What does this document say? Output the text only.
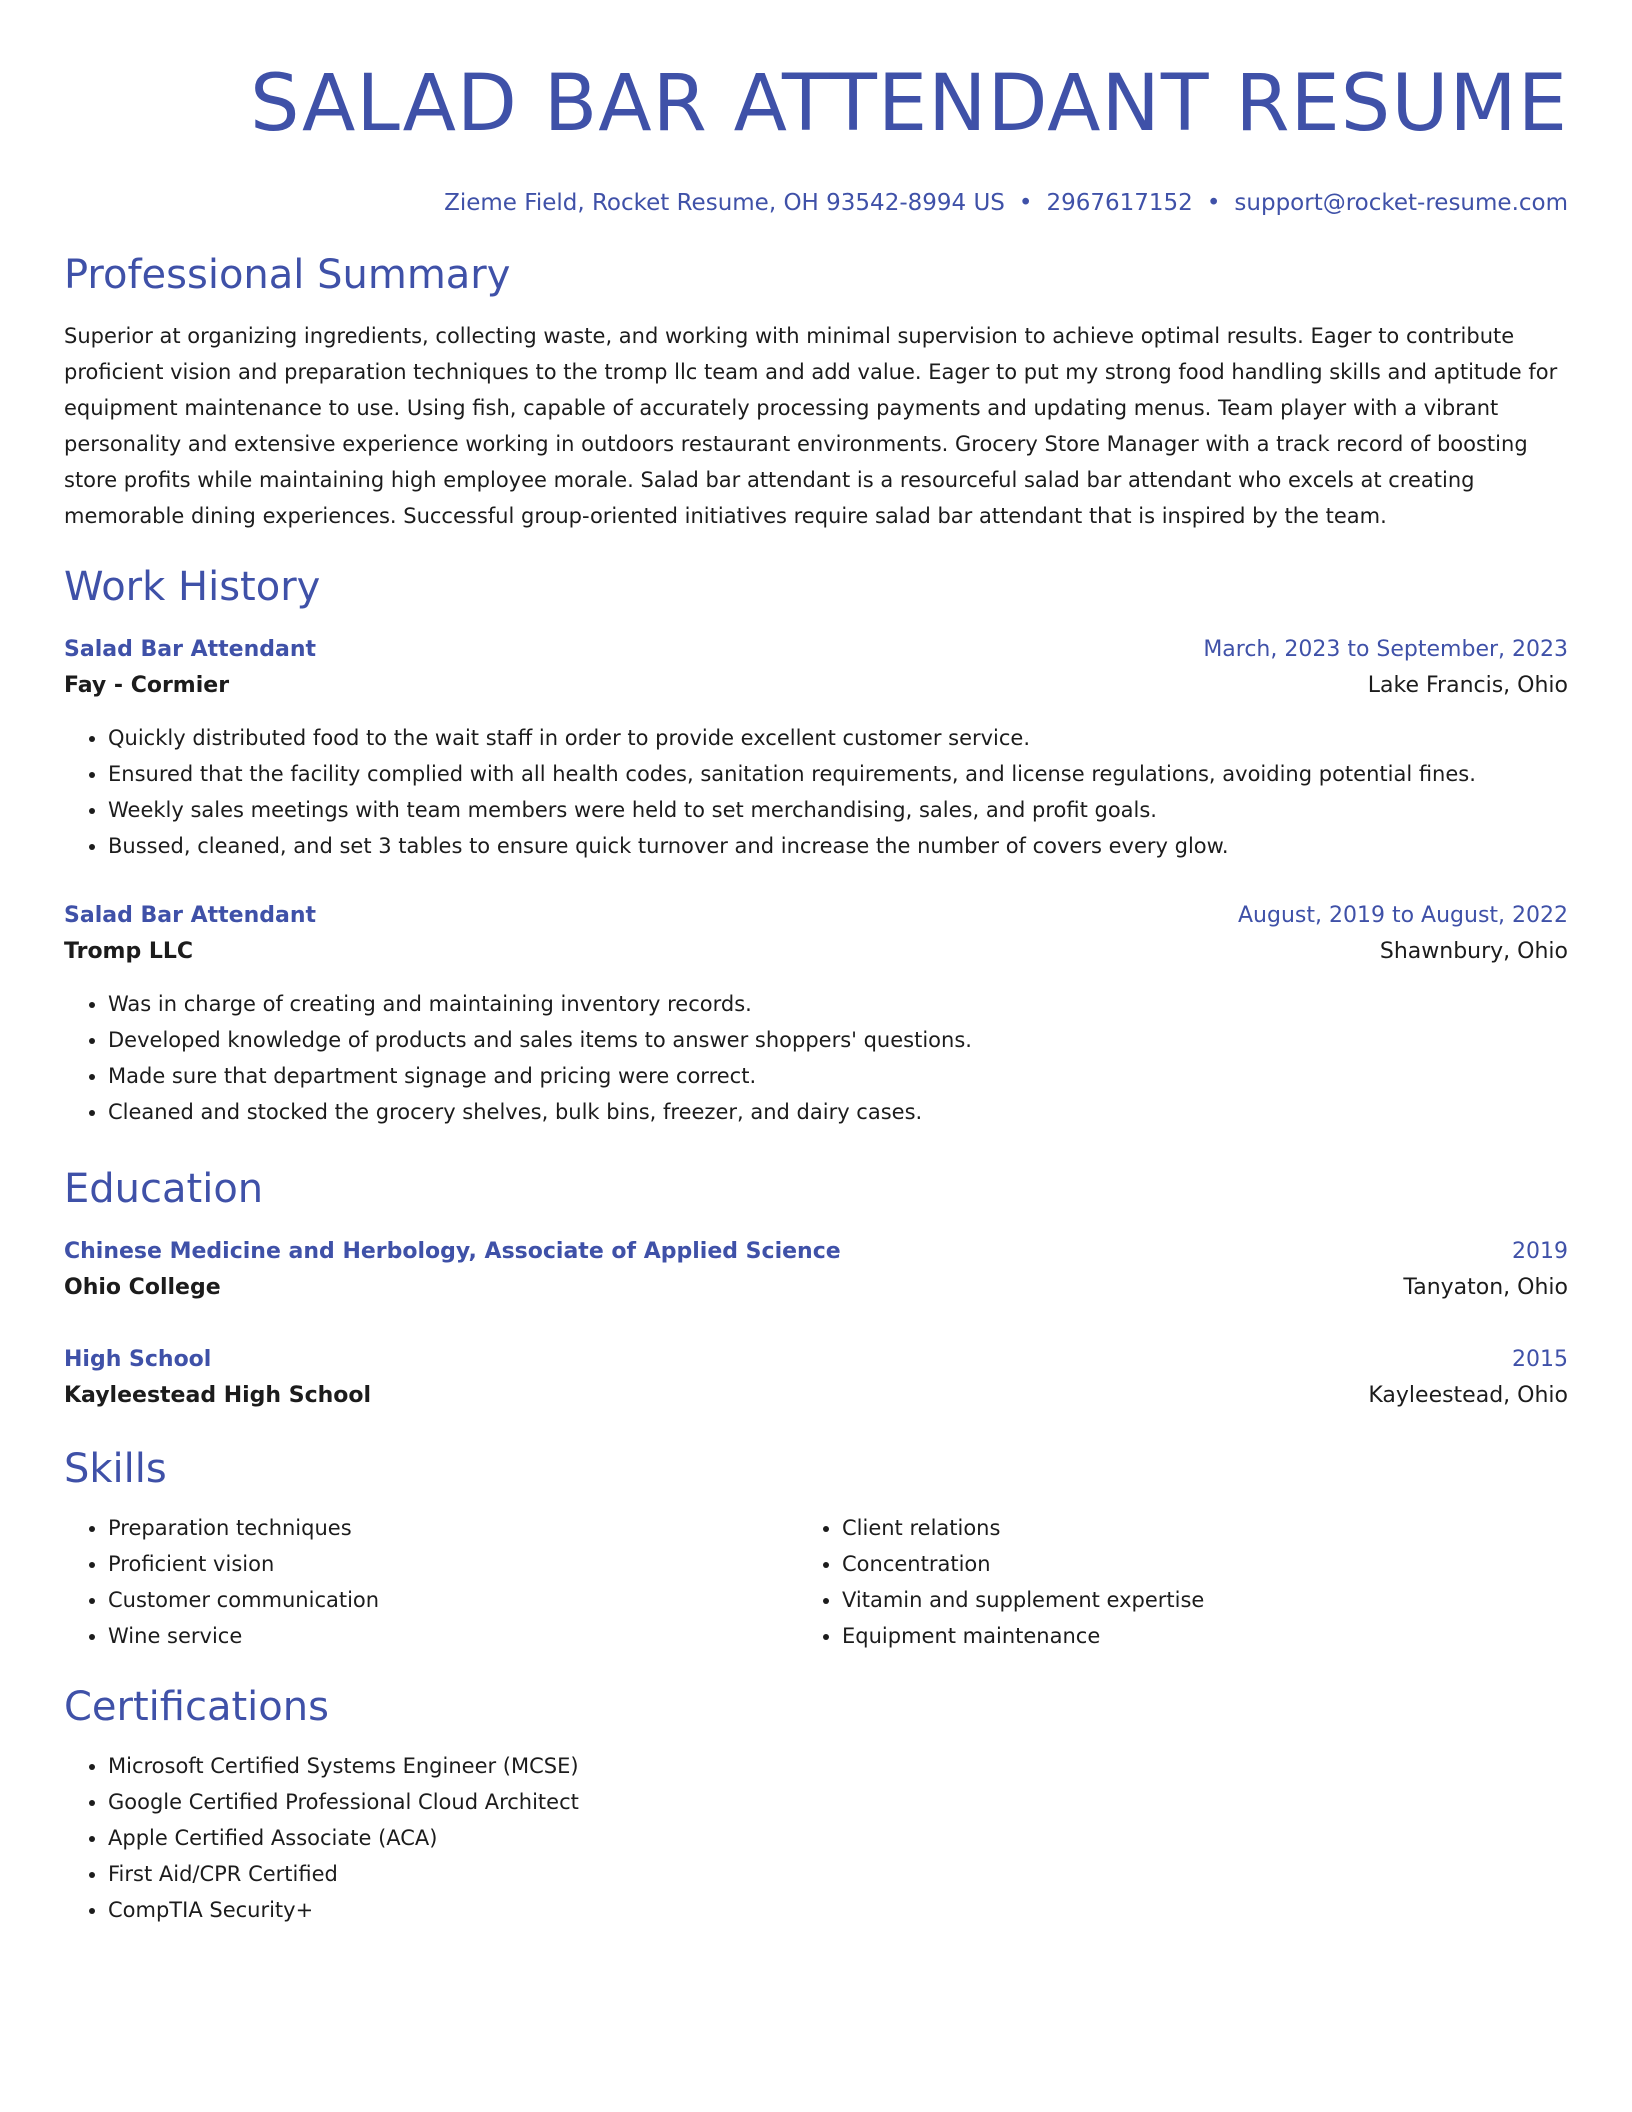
SALAD BAR ATTENDANT RESUME
Zieme Field, Rocket Resume, OH 93542-8994 US • 2967617152 • support@rocket-resume.com
Professional Summary

Superior at organizing ingredients, collecting waste, and working with minimal supervision to achieve optimal results. Eager to contribute proficient vision and preparation techniques to the tromp llc team and add value. Eager to put my strong food handling skills and aptitude for equipment maintenance to use. Using fish, capable of accurately processing payments and updating menus. Team player with a vibrant personality and extensive experience working in outdoors restaurant environments. Grocery Store Manager with a track record of boosting store profits while maintaining high employee morale. Salad bar attendant is a resourceful salad bar attendant who excels at creating memorable dining experiences. Successful group-oriented initiatives require salad bar attendant that is inspired by the team.

Work History
Salad Bar Attendant	March, 2023 to September, 2023
Fay - Cormier	Lake Francis, Ohio
• Quickly distributed food to the wait staff in order to provide excellent customer service.
• Ensured that the facility complied with all health codes, sanitation requirements, and license regulations, avoiding potential fines.
• Weekly sales meetings with team members were held to set merchandising, sales, and profit goals.
• Bussed, cleaned, and set 3 tables to ensure quick turnover and increase the number of covers every glow.
Salad Bar Attendant	August, 2019 to August, 2022
Tromp LLC	Shawnbury, Ohio
• Was in charge of creating and maintaining inventory records.
• Developed knowledge of products and sales items to answer shoppers' questions.
• Made sure that department signage and pricing were correct.
• Cleaned and stocked the grocery shelves, bulk bins, freezer, and dairy cases.
Education
Chinese Medicine and Herbology, Associate of Applied Science	2019
Ohio College	Tanyaton, Ohio
High School	2015
Kayleestead High School	Kayleestead, Ohio
Skills
• Preparation techniques
• Proficient vision
• Customer communication
• Wine service
• Client relations
• Concentration
• Vitamin and supplement expertise
• Equipment maintenance
Certifications
• Microsoft Certified Systems Engineer (MCSE)
• Google Certified Professional Cloud Architect
• Apple Certified Associate (ACA)
• First Aid/CPR Certified
• CompTIA Security+
